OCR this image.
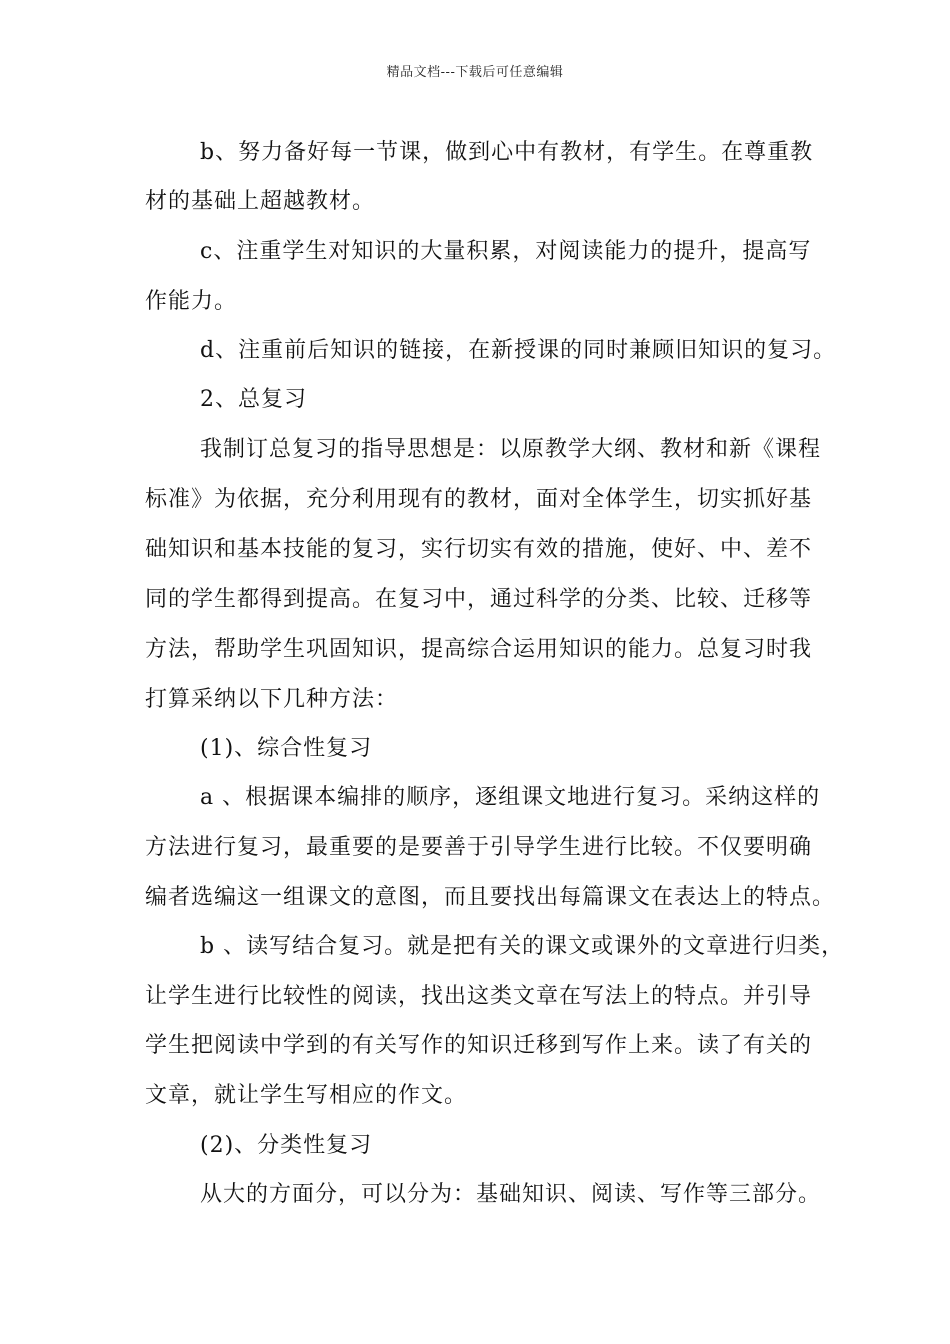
精品文档---下载后可任意编辑
b、努力备好每一节课，做到心中有教材，有学生。在尊重教
材的基础上超越教材。
c、注重学生对知识的大量积累，对阅读能力的提升，提高写
作能力。
d、注重前后知识的链接，在新授课的同时兼顾旧知识的复习。
2、总复习
我制订总复习的指导思想是：以原教学大纲、教材和新《课程
标准》为依据，充分利用现有的教材，面对全体学生，切实抓好基
础知识和基本技能的复习，实行切实有效的措施，使好、中、差不
同的学生都得到提高。在复习中，通过科学的分类、比较、迁移等
方法，帮助学生巩固知识，提高综合运用知识的能力。总复习时我
打算采纳以下几种方法：
(1)、综合性复习
a 、根据课本编排的顺序，逐组课文地进行复习。采纳这样的
方法进行复习，最重要的是要善于引导学生进行比较。不仅要明确
编者选编这一组课文的意图，而且要找出每篇课文在表达上的特点。
b 、读写结合复习。就是把有关的课文或课外的文章进行归类，
让学生进行比较性的阅读，找出这类文章在写法上的特点。并引导
学生把阅读中学到的有关写作的知识迁移到写作上来。读了有关的
文章，就让学生写相应的作文。
(2)、分类性复习
从大的方面分，可以分为：基础知识、阅读、写作等三部分。
